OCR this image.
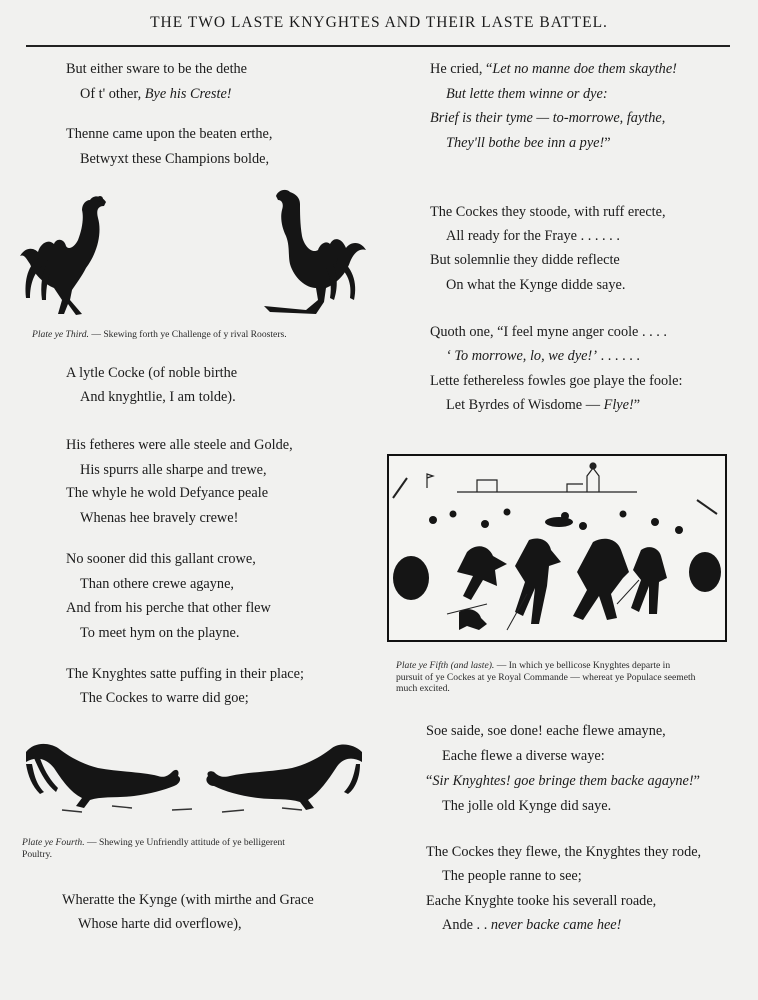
THE TWO LASTE KNYGHTES AND THEIR LASTE BATTEL.
But either sware to be the dethe
Of t' other, Bye his Creste!
Thenne came upon the beaten erthe,
Betwyxt these Champions bolde,
Plate ye Third. — Skewing forth ye Challenge of y rival Roosters.
A lytle Cocke (of noble birthe
And knyghtlie, I am tolde).
His fetheres were alle steele and Golde,
His spurrs alle sharpe and trewe,
The whyle he wold Defyance peale
Whenas hee bravely crewe!
No sooner did this gallant crowe,
Than othere crewe agayne,
And from his perche that other flew
To meet hym on the playne.
The Knyghtes satte puffing in their place;
The Cockes to warre did goe;
Plate ye Fourth. — Shewing ye Unfriendly attitude of ye belligerent
Poultry.
Wheratte the Kynge (with mirthe and Grace
Whose harte did overflowe),
He cried, “Let no manne doe them skaythe!
But lette them winne or dye:
Brief is their tyme — to-morrowe, faythe,
They'll bothe bee inn a pye!”
The Cockes they stoode, with ruff erecte,
All ready for the Fraye . . . . . .
But solemnlie they didde reflecte
On what the Kynge didde saye.
Quoth one, “I feel myne anger coole . . . .
‘ To morrowe, lo, we dye!’ . . . . . .
Lette fethereless fowles goe playe the foole:
Let Byrdes of Wisdome — Flye!”
Plate ye Fifth (and laste). — In which ye bellicose Knyghtes departe in
pursuit of ye Cockes at ye Royal Commande — whereat ye Populace seemeth
much excited.
Soe saide, soe done! eache flewe amayne,
Eache flewe a diverse waye:
“Sir Knyghtes! goe bringe them backe agayne!”
The jolle old Kynge did saye.
The Cockes they flewe, the Knyghtes they rode,
The people ranne to see;
Eache Knyghte tooke his severall roade,
Ande . . never backe came hee!
